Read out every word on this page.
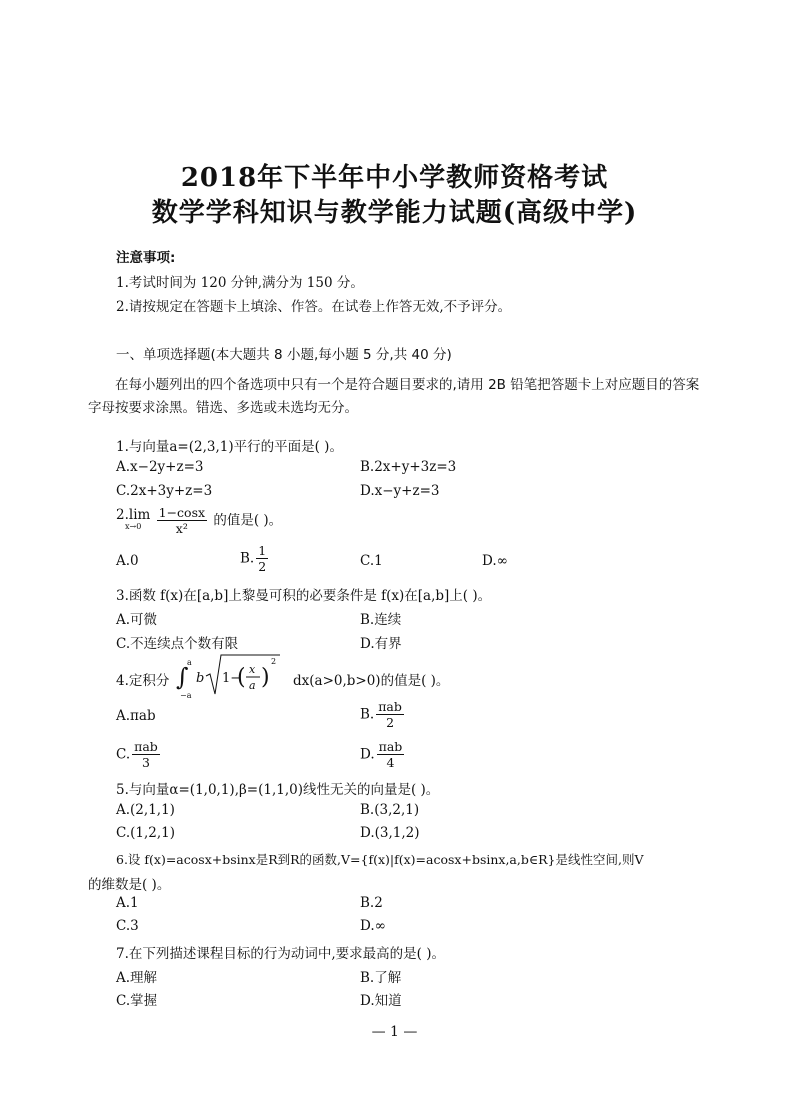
2018年下半年中小学教师资格考试
数学学科知识与教学能力试题(高级中学)
注意事项:
1.考试时间为 120 分钟,满分为 150 分。
2.请按规定在答题卡上填涂、作答。在试卷上作答无效,不予评分。
一、单项选择题(本大题共 8 小题,每小题 5 分,共 40 分)
在每小题列出的四个备选项中只有一个是符合题目要求的,请用 2B 铅笔把答题卡上对应题目的答案字母按要求涂黑。错选、多选或未选均无分。
1.与向量a=(2,3,1)平行的平面是( )。
A.x−2y+z=3	B.2x+y+3z=3
C.2x+3y+z=3	D.x−y+z=3
2.lim
x→0
	$\frac{1-\cos x}{\text{x²}}$ 的值是( )。
A.0	B. $\frac{1}{2}$	C.1	D.∞
3.函数 f(x)在[a,b]上黎曼可积的必要条件是 f(x)在[a,b]上( )。
A.可微	B.连续
C.不连续点个数有限	D.有界
4.定积分 ∫
a
−a
b 1−
( x
a )
2
dx(a>0,b>0)的值是( )。
A.πab	B. $\frac{\text{πab}}{2}$
C. $\frac{\text{πab}}{3}$	D. $\frac{\text{πab}}{4}$
5.与向量α=(1,0,1),β=(1,1,0)线性无关的向量是( )。
A.(2,1,1)	B.(3,2,1)
C.(1,2,1)	D.(3,1,2)
6.设 f(x)=acosx+bsinx是R到R的函数,V={f(x)|f(x)=acosx+bsinx,a,b∈R}是线性空间,则V
的维数是( )。
A.1	B.2
C.3	D.∞
7.在下列描述课程目标的行为动词中,要求最高的是( )。
A.理解	B.了解
C.掌握	D.知道
— 1 —
